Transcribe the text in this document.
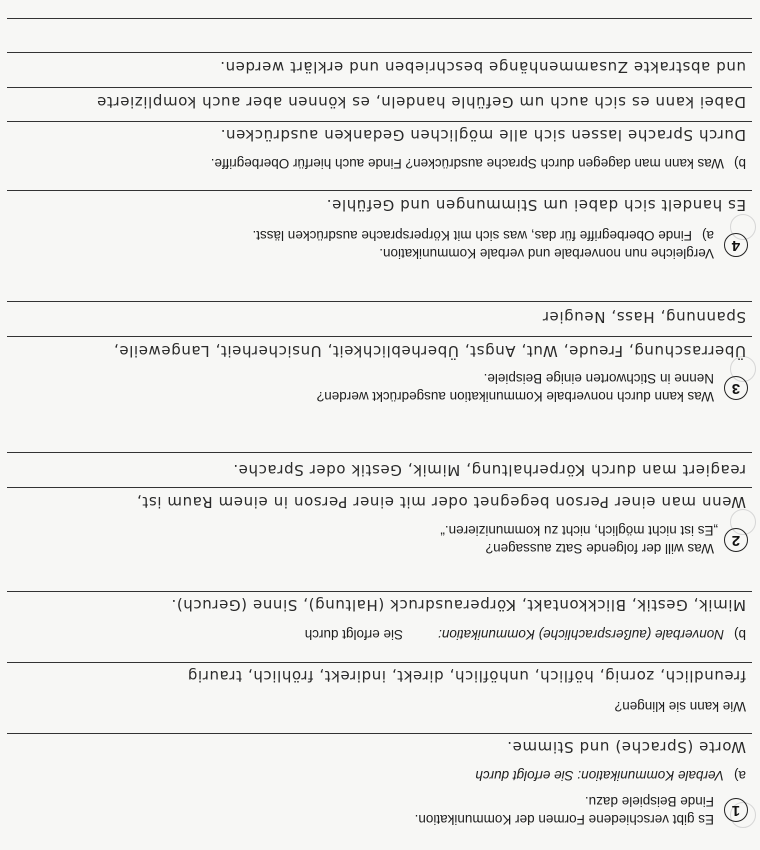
1
Es gibt verschiedene Formen der Kommunikation.
Finde Beispiele dazu.
a)
Verbale Kommunikation: Sie erfolgt durch
Worte (Sprache) und Stimme.
Wie kann sie klingen?
freundlich, zornig, höflich, unhöflich, direkt, indirekt, fröhlich, traurig
b)
Nonverbale (außersprachliche) Kommunikation:
Sie erfolgt durch
Mimik, Gestik, Blickkontakt, Körperausdruck (Haltung), Sinne (Geruch).
2
Was will der folgende Satz aussagen?
„Es ist nicht möglich, nicht zu kommunizieren.“
Wenn man einer Person begegnet oder mit einer Person in einem Raum ist,
reagiert man durch Körperhaltung, Mimik, Gestik oder Sprache.
3
Was kann durch nonverbale Kommunikation ausgedrückt werden?
Nenne in Stichworten einige Beispiele.
Überraschung, Freude, Wut, Angst, Überheblichkeit, Unsicherheit, Langeweile,
Spannung, Hass, Neugier
4
Vergleiche nun nonverbale und verbale Kommunikation.
a)
Finde Oberbegriffe für das, was sich mit Körpersprache ausdrücken lässt.
Es handelt sich dabei um Stimmungen und Gefühle.
b)
Was kann man dagegen durch Sprache ausdrücken? Finde auch hierfür Oberbegriffe.
Durch Sprache lassen sich alle möglichen Gedanken ausdrücken.
Dabei kann es sich auch um Gefühle handeln, es können aber auch komplizierte
und abstrakte Zusammenhänge beschrieben und erklärt werden.
